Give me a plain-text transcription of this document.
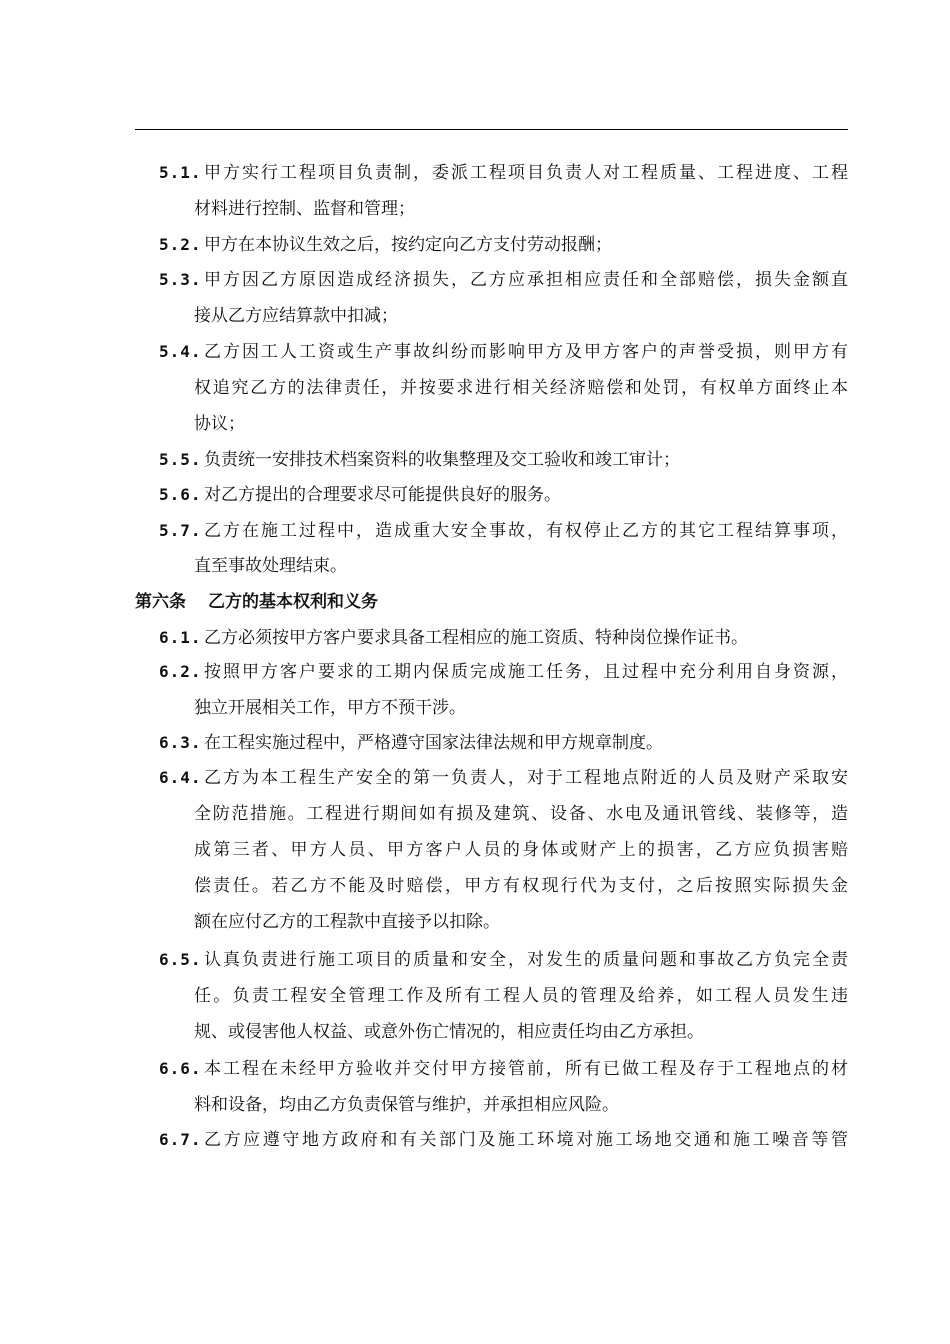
5.1. 甲方实行工程项目负责制，委派工程项目负责人对工程质量、工程进度、工程
材料进行控制、监督和管理；
5.2. 甲方在本协议生效之后，按约定向乙方支付劳动报酬；
5.3. 甲方因乙方原因造成经济损失，乙方应承担相应责任和全部赔偿，损失金额直
接从乙方应结算款中扣减；
5.4. 乙方因工人工资或生产事故纠纷而影响甲方及甲方客户的声誉受损，则甲方有
权追究乙方的法律责任，并按要求进行相关经济赔偿和处罚，有权单方面终止本
协议；
5.5. 负责统一安排技术档案资料的收集整理及交工验收和竣工审计；
5.6. 对乙方提出的合理要求尽可能提供良好的服务。
5.7. 乙方在施工过程中，造成重大安全事故，有权停止乙方的其它工程结算事项，
直至事故处理结束。
第六条 乙方的基本权利和义务
6.1. 乙方必须按甲方客户要求具备工程相应的施工资质、特种岗位操作证书。
6.2. 按照甲方客户要求的工期内保质完成施工任务，且过程中充分利用自身资源，
独立开展相关工作，甲方不预干涉。
6.3. 在工程实施过程中，严格遵守国家法律法规和甲方规章制度。
6.4. 乙方为本工程生产安全的第一负责人，对于工程地点附近的人员及财产采取安
全防范措施。工程进行期间如有损及建筑、设备、水电及通讯管线、装修等，造
成第三者、甲方人员、甲方客户人员的身体或财产上的损害，乙方应负损害赔
偿责任。若乙方不能及时赔偿，甲方有权现行代为支付，之后按照实际损失金
额在应付乙方的工程款中直接予以扣除。
6.5. 认真负责进行施工项目的质量和安全，对发生的质量问题和事故乙方负完全责
任。负责工程安全管理工作及所有工程人员的管理及给养，如工程人员发生违
规、或侵害他人权益、或意外伤亡情况的，相应责任均由乙方承担。
6.6. 本工程在未经甲方验收并交付甲方接管前，所有已做工程及存于工程地点的材
料和设备，均由乙方负责保管与维护，并承担相应风险。
6.7. 乙方应遵守地方政府和有关部门及施工环境对施工场地交通和施工噪音等管
